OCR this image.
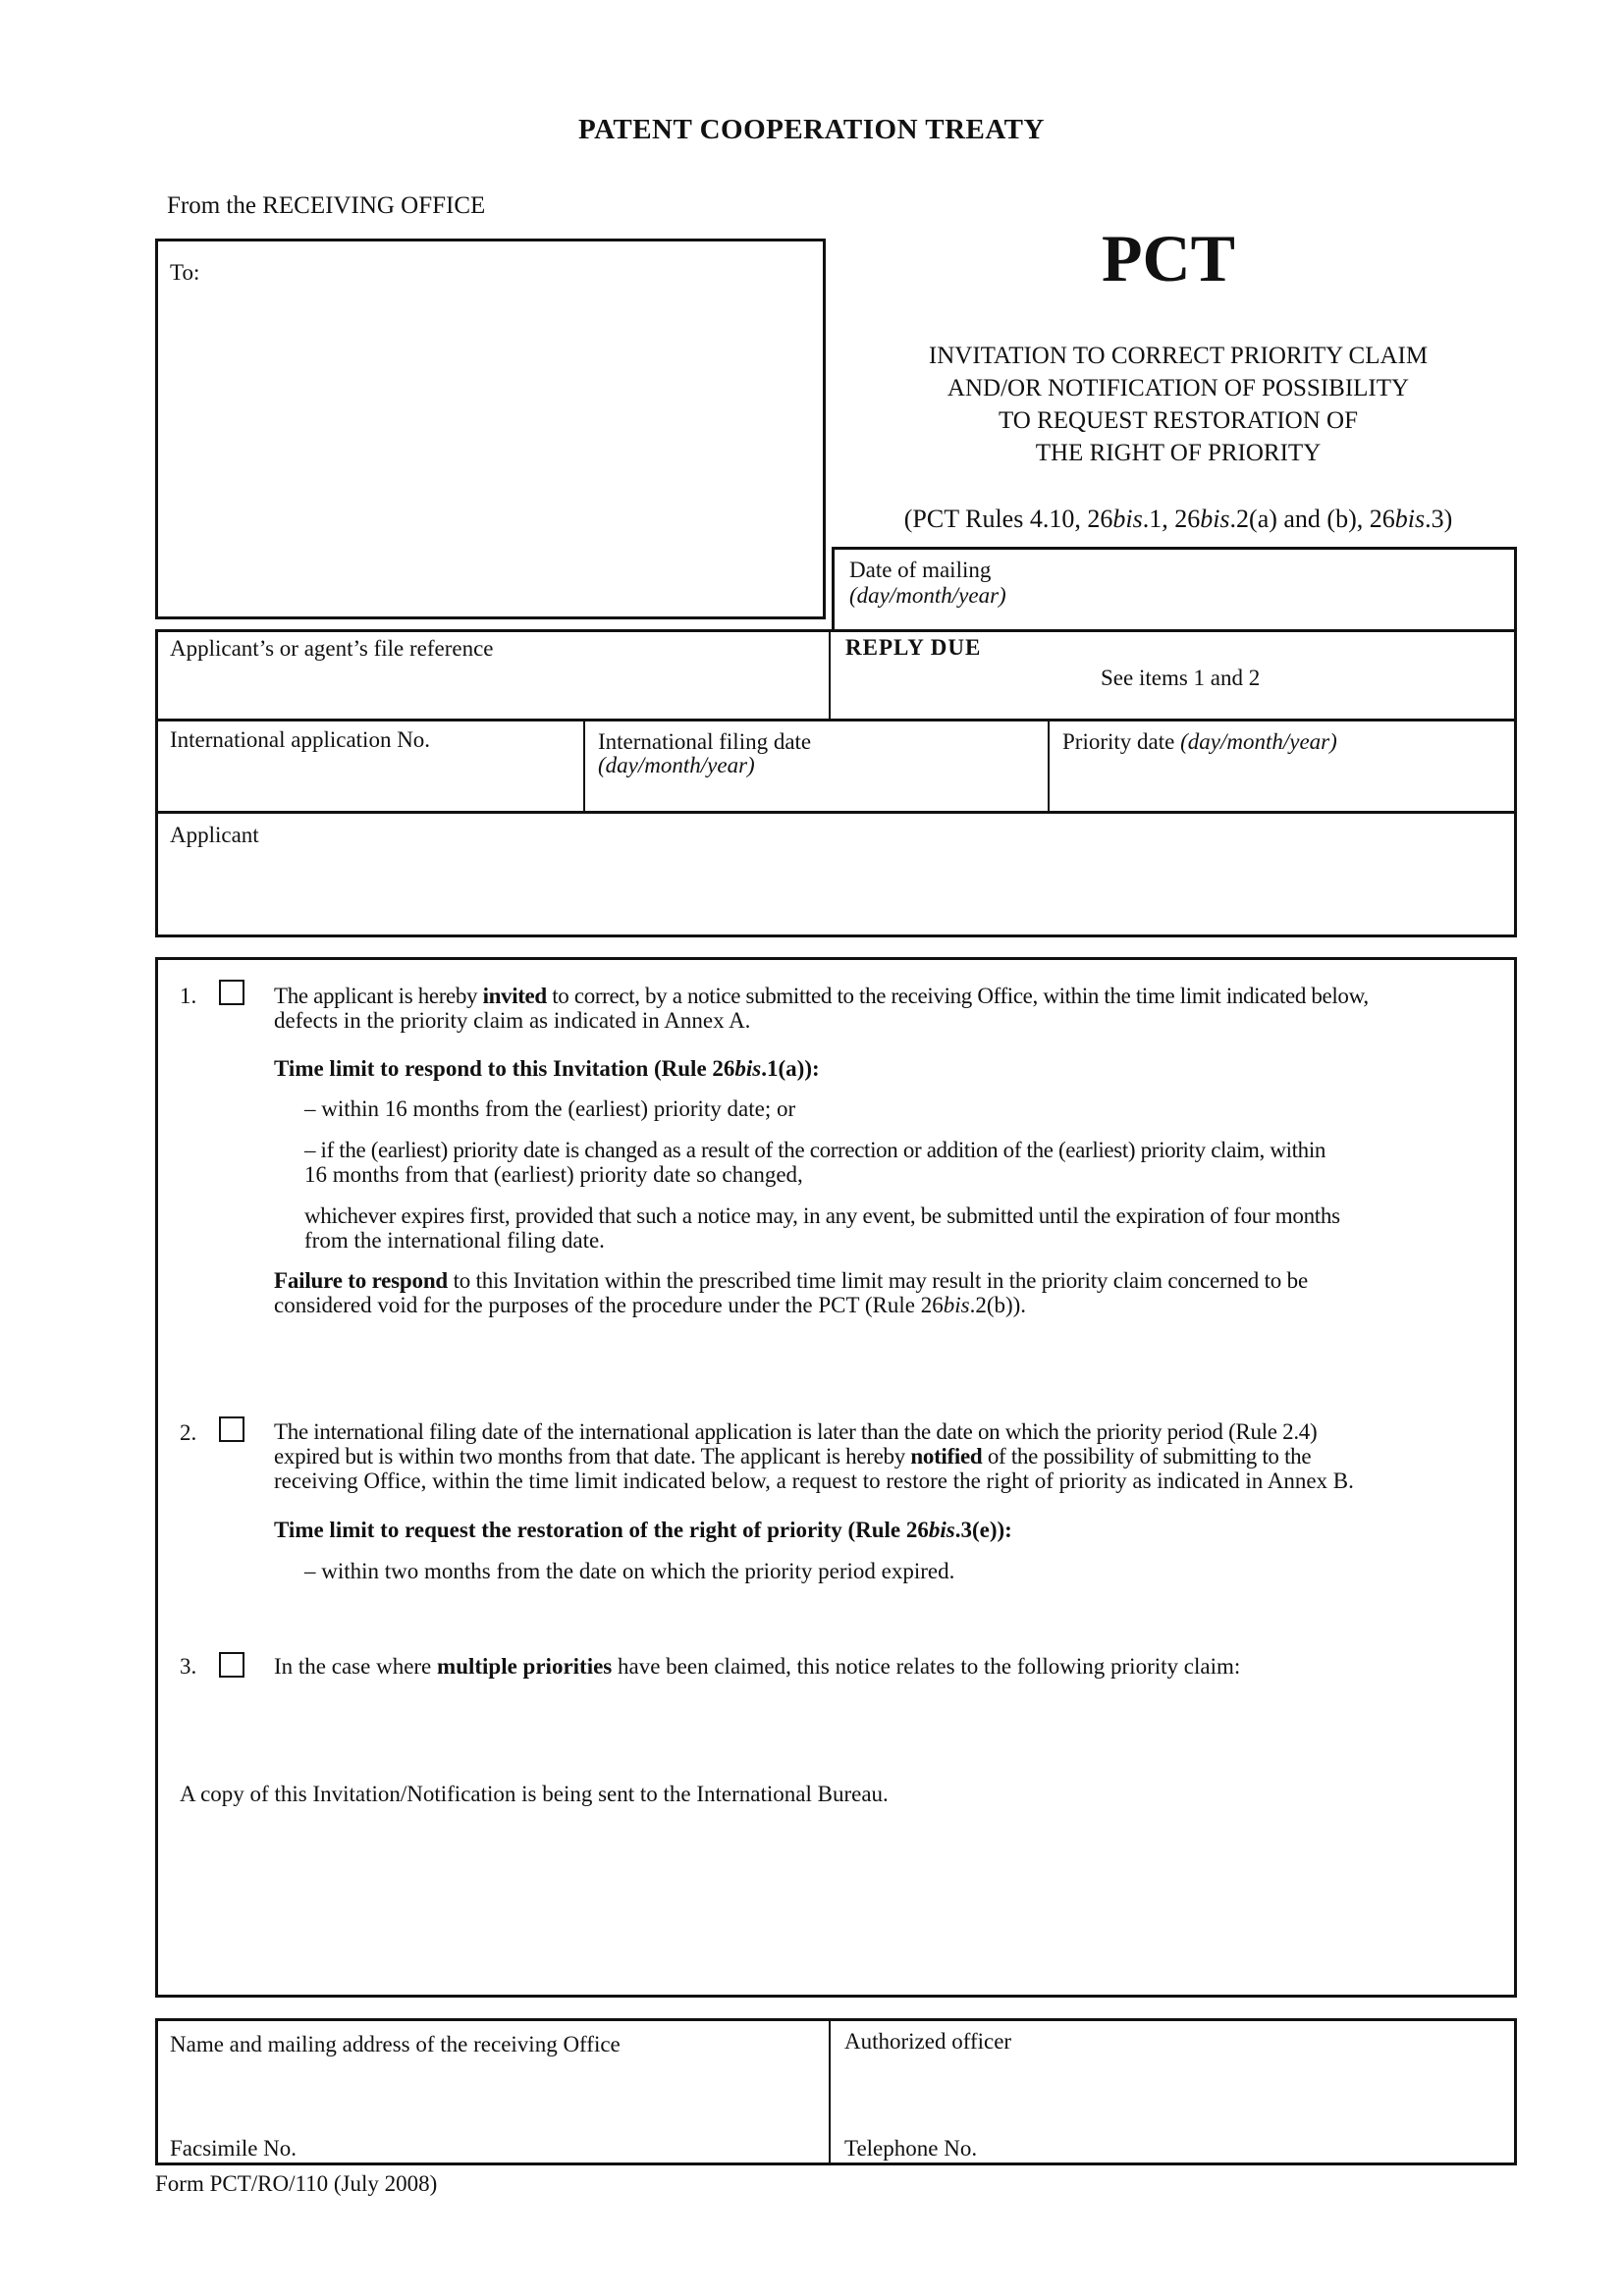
PATENT COOPERATION TREATY
From the RECEIVING OFFICE
To:	PCT
INVITATION TO CORRECT PRIORITY CLAIM
AND/OR NOTIFICATION OF POSSIBILITY
TO REQUEST RESTORATION OF
THE RIGHT OF PRIORITY
(PCT Rules 4.10, 26bis.1, 26bis.2(a) and (b), 26bis.3)
Date of mailing
(day/month/year)
Applicant’s or agent’s file reference	REPLY DUE
See items 1 and 2
International application No.	International filing date
(day/month/year)
Priority date (day/month/year)
Applicant
1.	The applicant is hereby invited to correct, by a notice submitted to the receiving Office, within the time limit indicated below,
defects in the priority claim as indicated in Annex A.
Time limit to respond to this Invitation (Rule 26bis.1(a)):
– within 16 months from the (earliest) priority date; or
– if the (earliest) priority date is changed as a result of the correction or addition of the (earliest) priority claim, within
16 months from that (earliest) priority date so changed,
whichever expires first, provided that such a notice may, in any event, be submitted until the expiration of four months
from the international filing date.
Failure to respond to this Invitation within the prescribed time limit may result in the priority claim concerned to be
considered void for the purposes of the procedure under the PCT (Rule 26bis.2(b)).
2.	The international filing date of the international application is later than the date on which the priority period (Rule 2.4)
expired but is within two months from that date. The applicant is hereby notified of the possibility of submitting to the
receiving Office, within the time limit indicated below, a request to restore the right of priority as indicated in Annex B.
Time limit to request the restoration of the right of priority (Rule 26bis.3(e)):
– within two months from the date on which the priority period expired.
3.	In the case where multiple priorities have been claimed, this notice relates to the following priority claim:
A copy of this Invitation/Notification is being sent to the International Bureau.
Name and mailing address of the receiving Office
Facsimile No.
Authorized officer
Telephone No.
Form PCT/RO/110 (July 2008)
